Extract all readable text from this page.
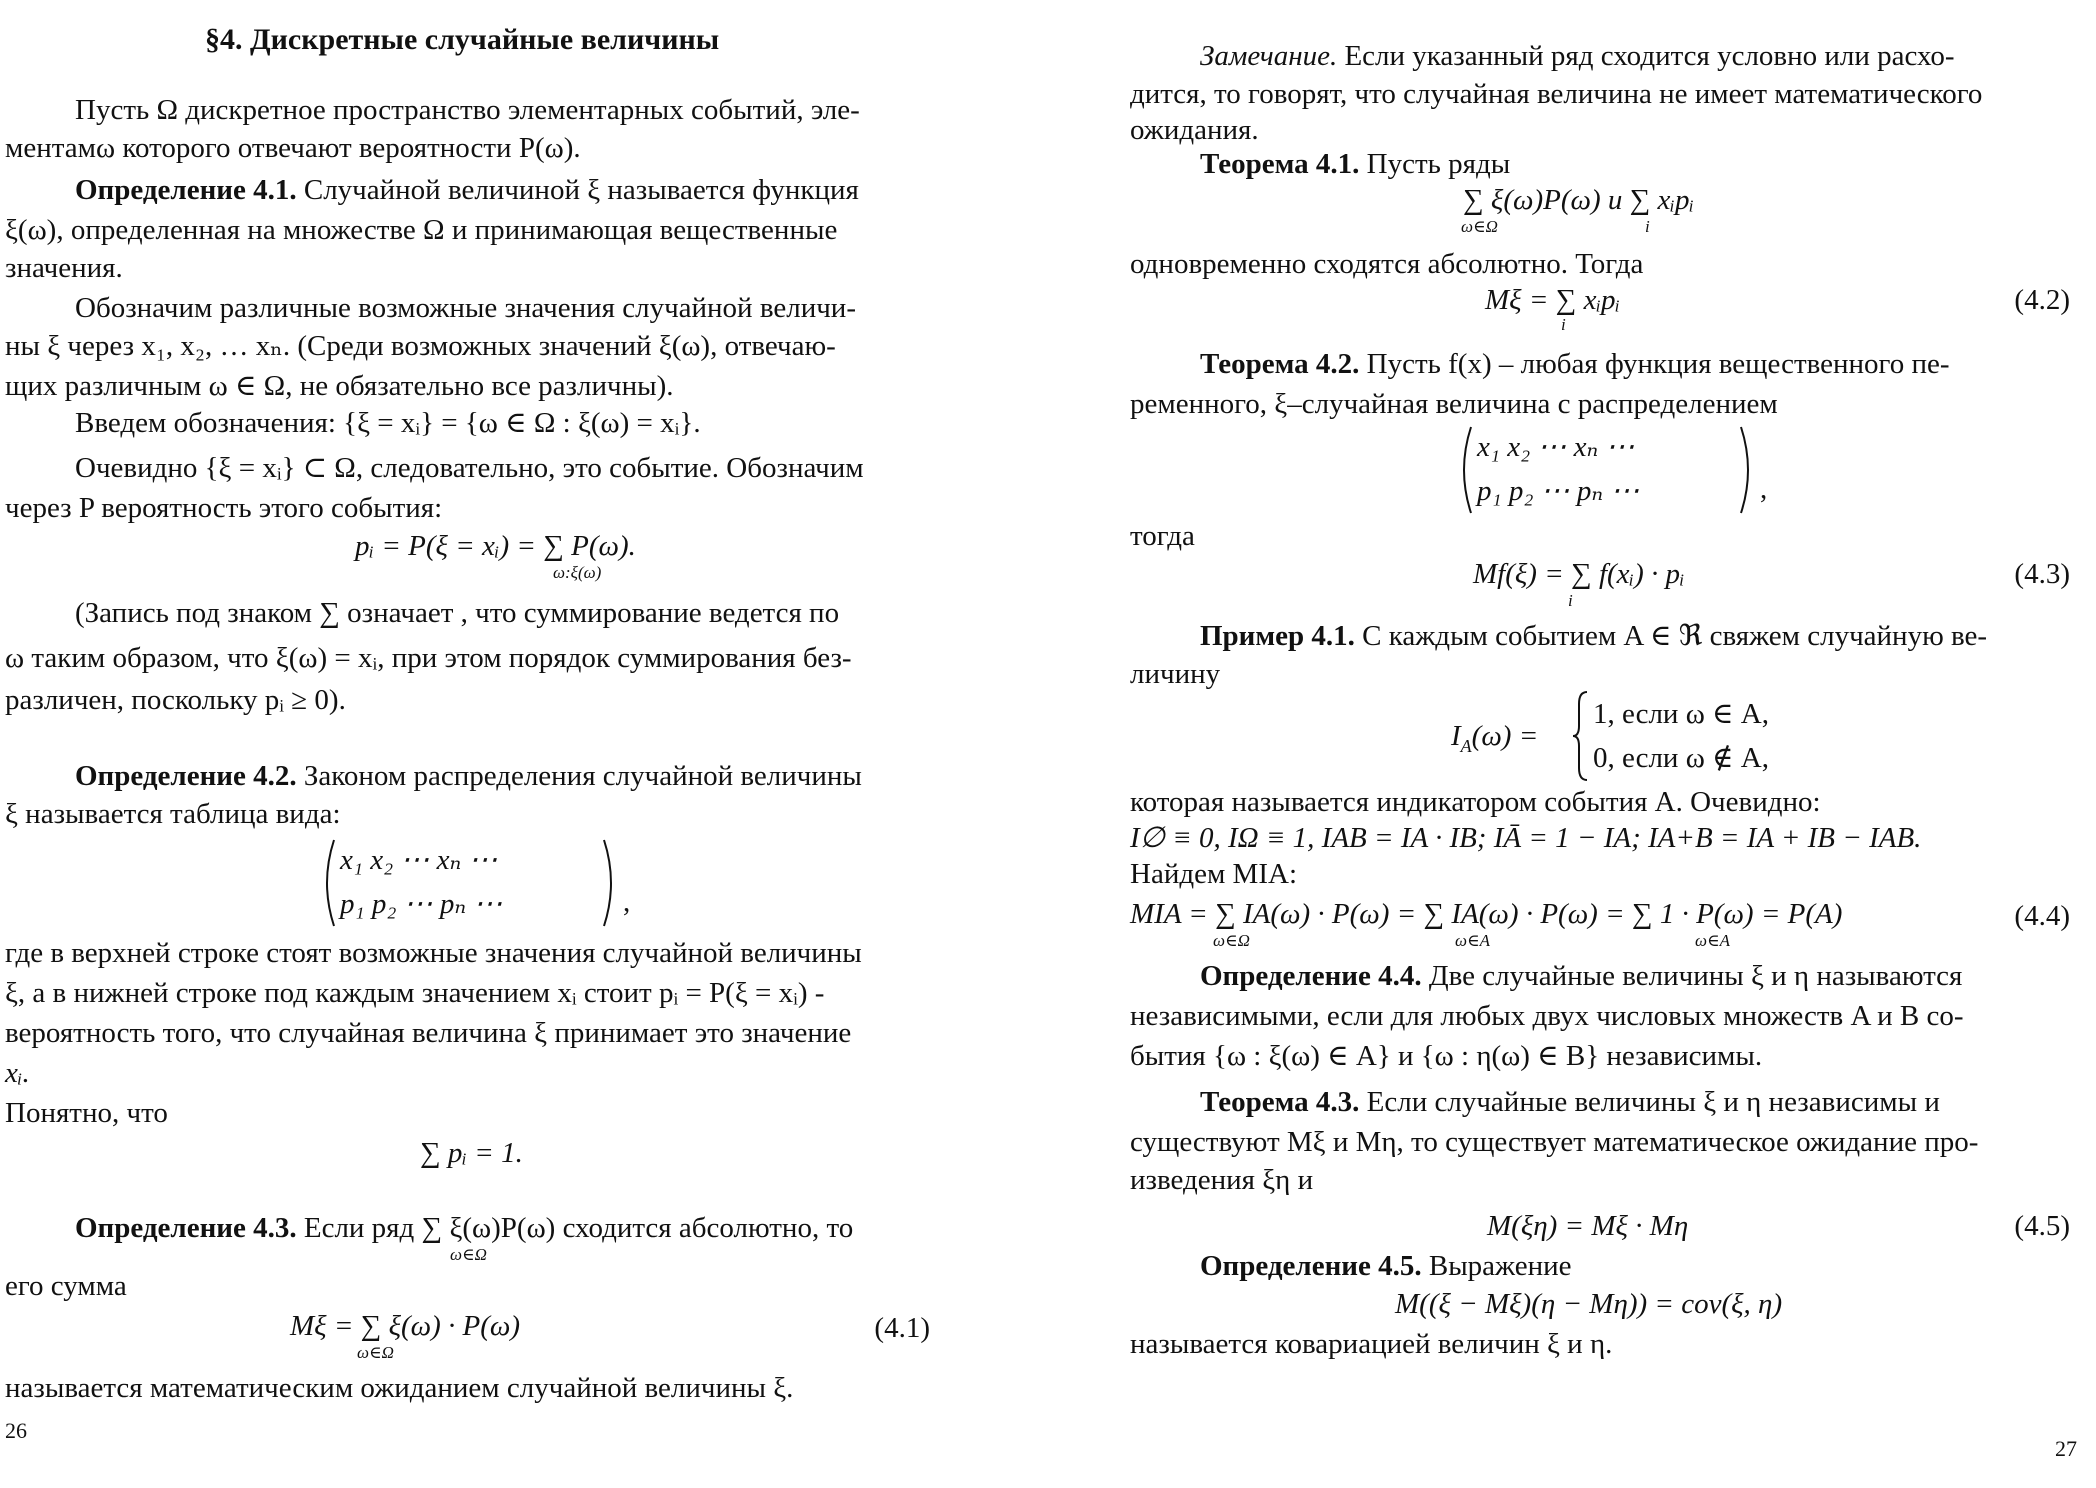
§4. Дискретные случайные величины
Пусть Ω дискретное пространство элементарных событий, эле-
ментамω которого отвечают вероятности P(ω).
Определение 4.1. Случайной величиной ξ называется функция
ξ(ω), определенная на множестве Ω и принимающая вещественные
значения.
Обозначим различные возможные значения случайной величи-
ны ξ через x₁, x₂, … xₙ. (Среди возможных значений ξ(ω), отвечаю-
щих различным ω ∈ Ω, не обязательно все различны).
Введем обозначения: {ξ = xᵢ} = {ω ∈ Ω : ξ(ω) = xᵢ}.
Очевидно {ξ = xᵢ} ⊂ Ω, следовательно, это событие. Обозначим
через P вероятность этого события:
pᵢ = P(ξ = xᵢ) = ∑ P(ω).
ω:ξ(ω)
(Запись под знаком ∑ означает , что суммирование ведется по
ω таким образом, что ξ(ω) = xᵢ, при этом порядок суммирования без-
различен, поскольку pᵢ ≥ 0).
Определение 4.2. Законом распределения случайной величины
ξ называется таблица вида:
x₁ x₂ ⋯ xₙ ⋯
p₁ p₂ ⋯ pₙ ⋯	,
где в верхней строке стоят возможные значения случайной величины
ξ, а в нижней строке под каждым значением xᵢ стоит pᵢ = P(ξ = xᵢ) -
вероятность того, что случайная величина ξ принимает это значение
xᵢ.
Понятно, что
∑ pᵢ = 1.
Определение 4.3. Если ряд ∑ ξ(ω)P(ω) сходится абсолютно, то
ω∈Ω
его сумма
Mξ = ∑ ξ(ω) · P(ω)
ω∈Ω
(4.1)
называется математическим ожиданием случайной величины ξ.
26
Замечание. Если указанный ряд сходится условно или расхо-
дится, то говорят, что случайная величина не имеет математического
ожидания.
Теорема 4.1. Пусть ряды
∑ ξ(ω)P(ω) и ∑ xᵢpᵢ
ω∈Ω	i
одновременно сходятся абсолютно. Тогда
Mξ = ∑ xᵢpᵢ
i
(4.2)
Теорема 4.2. Пусть f(x) – любая функция вещественного пе-
ременного, ξ–случайная величина с распределением
x₁ x₂ ⋯ xₙ ⋯
p₁ p₂ ⋯ pₙ ⋯	,
тогда
Mf(ξ) = ∑ f(xᵢ) · pᵢ
i
(4.3)
Пример 4.1. С каждым событием A ∈ ℜ свяжем случайную ве-
личину
$I_A(\omega)$ =
1, если ω ∈ A,
0, если ω ∉ A,
которая называется индикатором события A. Очевидно:
I∅ ≡ 0, IΩ ≡ 1, IAB = IA · IB; IĀ = 1 − IA; IA+B = IA + IB − IAB.
Найдем MIA:
MIA = ∑ IA(ω) · P(ω) = ∑ IA(ω) · P(ω) = ∑ 1 · P(ω) = P(A)
ω∈Ω	ω∈A	ω∈A
(4.4)
Определение 4.4. Две случайные величины ξ и η называются
независимыми, если для любых двух числовых множеств A и B со-
бытия {ω : ξ(ω) ∈ A} и {ω : η(ω) ∈ B} независимы.
Теорема 4.3. Если случайные величины ξ и η независимы и
существуют Mξ и Mη, то существует математическое ожидание про-
изведения ξη и
M(ξη) = Mξ · Mη	(4.5)
Определение 4.5. Выражение
M((ξ − Mξ)(η − Mη)) = cov(ξ, η)
называется ковариацией величин ξ и η.
27
